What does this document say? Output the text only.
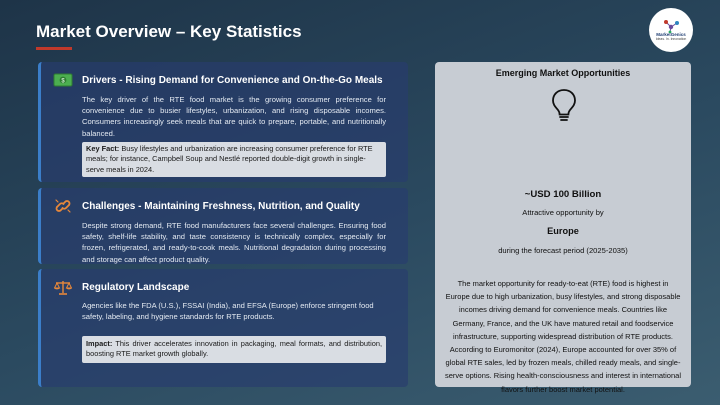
Market Overview – Key Statistics	MarketGenics
Ideas. In. Innovation
$ Drivers - Rising Demand for Convenience and On-the-Go Meals
The key driver of the RTE food market is the growing consumer preference for convenience due to busier lifestyles, urbanization, and rising disposable incomes. Consumers increasingly seek meals that are quick to prepare, portable, and nutritionally balanced.
Key Fact: Busy lifestyles and urbanization are increasing consumer preference for RTE meals; for instance, Campbell Soup and Nestlé reported double-digit growth in single-serve meals in 2024.
Challenges - Maintaining Freshness, Nutrition, and Quality
Despite strong demand, RTE food manufacturers face several challenges. Ensuring food safety, shelf-life stability, and taste consistency is technically complex, especially for frozen, refrigerated, and ready-to-cook meals. Nutritional degradation during processing and storage can affect product quality.
Regulatory Landscape
Agencies like the FDA (U.S.), FSSAI (India), and EFSA (Europe) enforce stringent food safety, labeling, and hygiene standards for RTE products.
Impact: This driver accelerates innovation in packaging, meal formats, and distribution, boosting RTE market growth globally.
Emerging Market Opportunities
~USD 100 Billion
Attractive opportunity by
Europe
during the forecast period (2025-2035)
The market opportunity for ready-to-eat (RTE) food is highest in Europe due to high urbanization, busy lifestyles, and strong disposable incomes driving demand for convenience meals. Countries like Germany, France, and the UK have matured retail and foodservice infrastructure, supporting widespread distribution of RTE products. According to Euromonitor (2024), Europe accounted for over 35% of global RTE sales, led by frozen meals, chilled ready meals, and single-serve options. Rising health-consciousness and interest in international flavors further boost market potential.
